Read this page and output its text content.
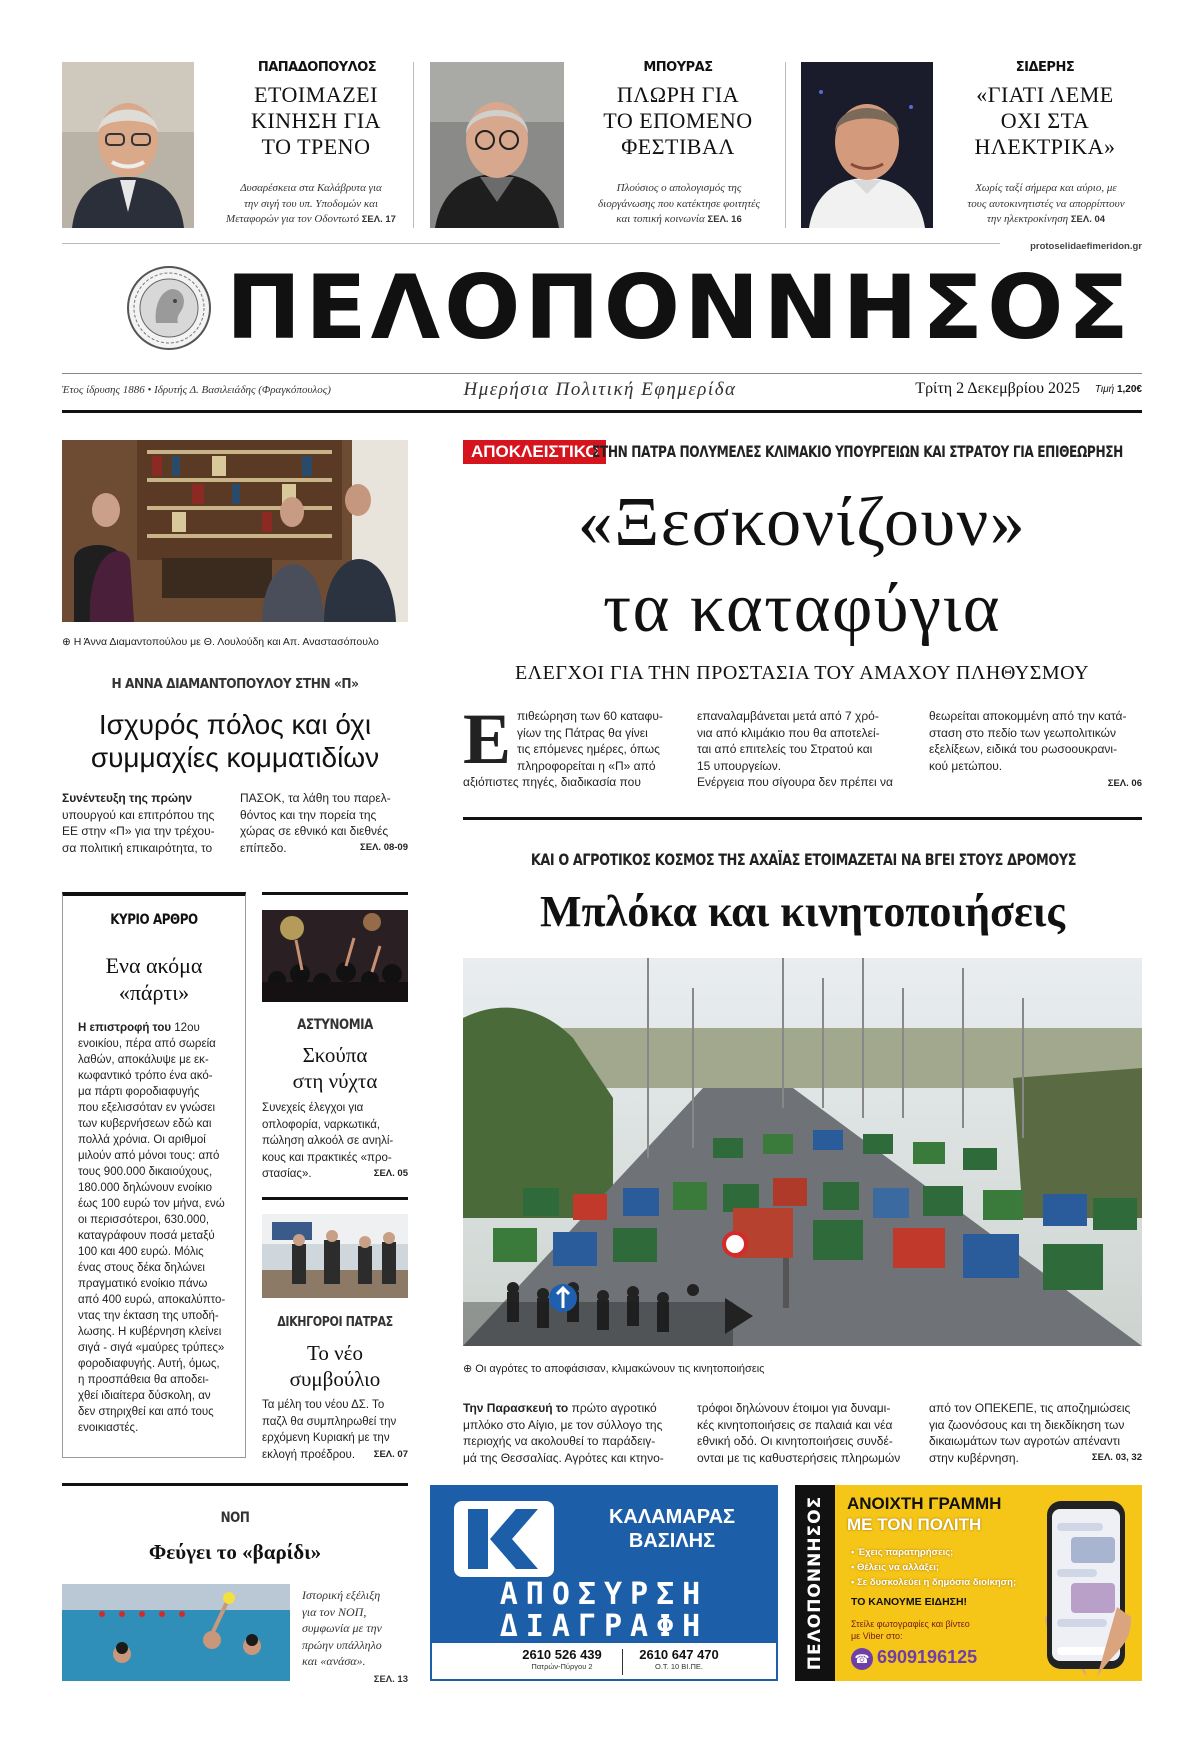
ΠΑΠΑΔΟΠΟΥΛΟΣ
ΕΤΟΙΜΑΖΕΙ
ΚΙΝΗΣΗ ΓΙΑ
ΤΟ ΤΡΕΝΟ
Δυσαρέσκεια στα Καλάβρυτα για
την σιγή του υπ. Υποδομών και
Μεταφορών για τον Οδοντωτό ΣΕΛ. 17
ΜΠΟΥΡΑΣ
ΠΛΩΡΗ ΓΙΑ
ΤΟ ΕΠΟΜΕΝΟ
ΦΕΣΤΙΒΑΛ
Πλούσιος ο απολογισμός της
διοργάνωσης που κατέκτησε φοιτητές
και τοπική κοινωνία ΣΕΛ. 16
ΣΙΔΕΡΗΣ
«ΓΙΑΤΙ ΛΕΜΕ
ΟΧΙ ΣΤΑ
ΗΛΕΚΤΡΙΚΑ»
Χωρίς ταξί σήμερα και αύριο, με
τους αυτοκινητιστές να απορρίπτουν
την ηλεκτροκίνηση ΣΕΛ. 04
protoselidaefimeridon.gr
ΠΕΛΟΠΟΝΝΗΣΟΣ
Έτος ίδρυσης 1886 • Ιδρυτής Δ. Βασιλειάδης (Φραγκόπουλος)	Ημερήσια Πολιτική Εφημερίδα	Τρίτη 2 Δεκεμβρίου 2025	Τιμή 1,20€
⊕ Η Άννα Διαμαντοπούλου με Θ. Λουλούδη και Απ. Αναστασόπουλο
Η ΑΝΝΑ ΔΙΑΜΑΝΤΟΠΟΥΛΟΥ ΣΤΗΝ «Π»
Ισχυρός πόλος και όχι
συμμαχίες κομματιδίων
Συνέντευξη της πρώην
υπουργού και επιτρόπου της
ΕΕ στην «Π» για την τρέχου-
σα πολιτική επικαιρότητα, το
ΠΑΣΟΚ, τα λάθη του παρελ-
θόντος και την πορεία της
χώρας σε εθνικό και διεθνές
επίπεδο.	ΣΕΛ. 08-09
ΚΥΡΙΟ ΑΡΘΡΟ
Ενα ακόμα
«πάρτι»
Η επιστροφή του 12ου
ενοικίου, πέρα από σωρεία
λαθών, αποκάλυψε με εκ-
κωφαντικό τρόπο ένα ακό-
μα πάρτι φοροδιαφυγής
που εξελισσόταν εν γνώσει
των κυβερνήσεων εδώ και
πολλά χρόνια. Οι αριθμοί
μιλούν από μόνοι τους: από
τους 900.000 δικαιούχους,
180.000 δηλώνουν ενοίκιο
έως 100 ευρώ τον μήνα, ενώ
οι περισσότεροι, 630.000,
καταγράφουν ποσά μεταξύ
100 και 400 ευρώ. Μόλις
ένας στους δέκα δηλώνει
πραγματικό ενοίκιο πάνω
από 400 ευρώ, αποκαλύπτο-
ντας την έκταση της υποδή-
λωσης. Η κυβέρνηση κλείνει
σιγά - σιγά «μαύρες τρύπες»
φοροδιαφυγής. Αυτή, όμως,
η προσπάθεια θα αποδει-
χθεί ιδιαίτερα δύσκολη, αν
δεν στηριχθεί και από τους
ενοικιαστές.
ΑΣΤΥΝΟΜΙΑ
Σκούπα
στη νύχτα
Συνεχείς έλεγχοι για
οπλοφορία, ναρκωτικά,
πώληση αλκοόλ σε ανηλί-
κους και πρακτικές «προ-
στασίας».	ΣΕΛ. 05
ΔΙΚΗΓΟΡΟΙ ΠΑΤΡΑΣ
Το νέο
συμβούλιο
Τα μέλη του νέου ΔΣ. Το
παζλ θα συμπληρωθεί την
ερχόμενη Κυριακή με την
εκλογή προέδρου. ΣΕΛ. 07
ΝΟΠ
Φεύγει το «βαρίδι»
Ιστορική εξέλιξη
για τον ΝΟΠ,
συμφωνία με την
πρώην υπάλληλο
και «ανάσα».
ΣΕΛ. 13
ΑΠΟΚΛΕΙΣΤΙΚΟ
ΣΤΗΝ ΠΑΤΡΑ ΠΟΛΥΜΕΛΕΣ ΚΛΙΜΑΚΙΟ ΥΠΟΥΡΓΕΙΩΝ ΚΑΙ ΣΤΡΑΤΟΥ ΓΙΑ ΕΠΙΘΕΩΡΗΣΗ
«Ξεσκονίζουν»
τα καταφύγια
ΕΛΕΓΧΟΙ ΓΙΑ ΤΗΝ ΠΡΟΣΤΑΣΙΑ ΤΟΥ ΑΜΑΧΟΥ ΠΛΗΘΥΣΜΟΥ
Ε πιθεώρηση των 60 καταφυ-
γίων της Πάτρας θα γίνει
τις επόμενες ημέρες, όπως
πληροφορείται η «Π» από
αξιόπιστες πηγές, διαδικασία που
επαναλαμβάνεται μετά από 7 χρό-
νια από κλιμάκιο που θα αποτελεί-
ται από επιτελείς του Στρατού και
15 υπουργείων.
Ενέργεια που σίγουρα δεν πρέπει να
θεωρείται αποκομμένη από την κατά-
σταση στο πεδίο των γεωπολιτικών
εξελίξεων, ειδικά του ρωσοουκρανι-
κού μετώπου.
ΣΕΛ. 06
ΚΑΙ Ο ΑΓΡΟΤΙΚΟΣ ΚΟΣΜΟΣ ΤΗΣ ΑΧΑΪΑΣ ΕΤΟΙΜΑΖΕΤΑΙ ΝΑ ΒΓΕΙ ΣΤΟΥΣ ΔΡΟΜΟΥΣ
Μπλόκα και κινητοποιήσεις
⊕ Οι αγρότες το αποφάσισαν, κλιμακώνουν τις κινητοποιήσεις
Την Παρασκευή το πρώτο αγροτικό
μπλόκο στο Αίγιο, με τον σύλλογο της
περιοχής να ακολουθεί το παράδειγ-
μά της Θεσσαλίας. Αγρότες και κτηνο-
τρόφοι δηλώνουν έτοιμοι για δυναμι-
κές κινητοποιήσεις σε παλαιά και νέα
εθνική οδό. Οι κινητοποιήσεις συνδέ-
ονται με τις καθυστερήσεις πληρωμών
από τον ΟΠΕΚΕΠΕ, τις αποζημιώσεις
για ζωονόσους και τη διεκδίκηση των
δικαιωμάτων των αγροτών απέναντι
στην κυβέρνηση.	ΣΕΛ. 03, 32
ΚΑΛΑΜΑΡΑΣ
ΒΑΣΙΛΗΣ
ΑΠΟΣΥΡΣΗ
ΔΙΑΓΡΑΦΗ
2610 526 439
Πατρών-Πύργου 2
2610 647 470
Ο.Τ. 10 ΒΙ.ΠΕ.	ΠΕΛΟΠΟΝΝΗΣΟΣ ΑΝΟΙΧΤΗ ΓΡΑΜΜΗ
ΜΕ ΤΟΝ ΠΟΛΙΤΗ
• Έχεις παρατηρήσεις;
• Θέλεις να αλλάξει;
• Σε δυσκολεύει η δημόσια διοίκηση;
ΤΟ ΚΑΝΟΥΜΕ ΕΙΔΗΣΗ!
Στείλε φωτογραφίες και βίντεο
με Viber στο:
☎ 6909196125
